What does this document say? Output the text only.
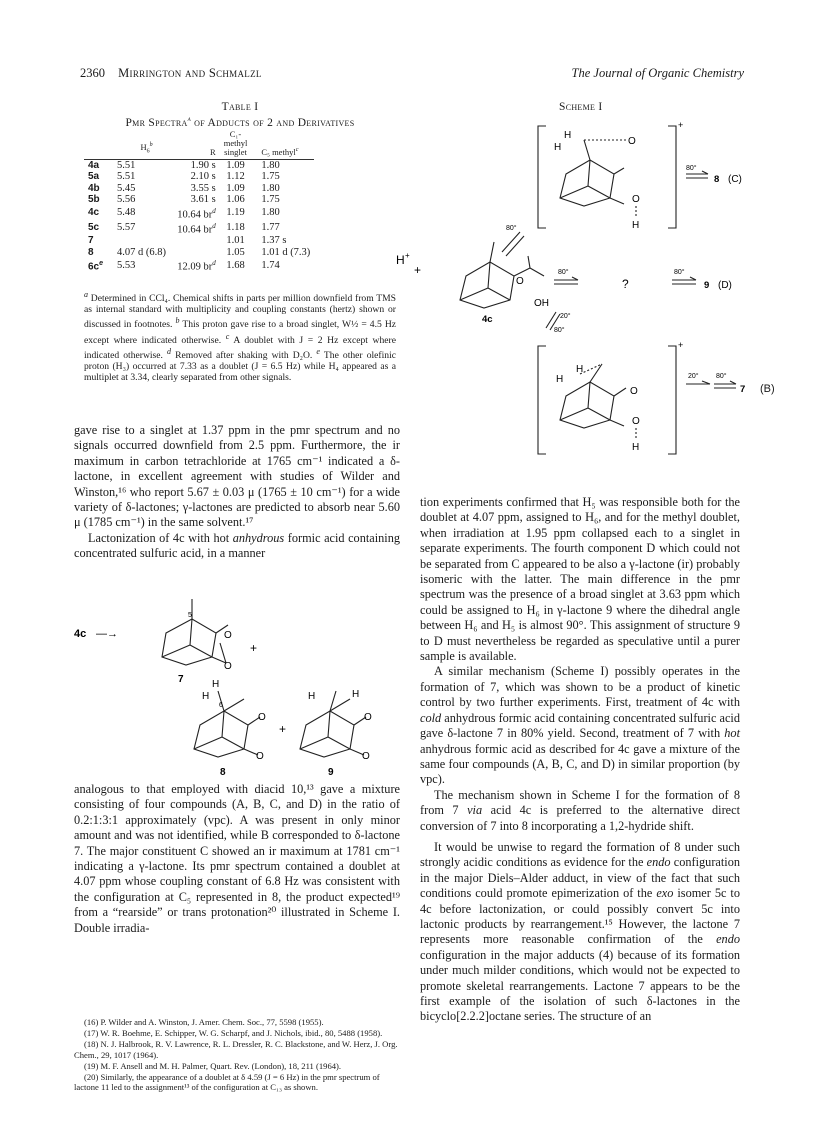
2360 Mirrington and Schmalzl	The Journal of Organic Chemistry
Table I
Pmr Spectra$^a$ of Adducts of 2 and Derivatives
	$H_6^b$	R	C₁-
methyl
singlet	C₅ methyl$^c$
4a	5.51	1.90 s	1.09	1.80
5a	5.51	2.10 s	1.12	1.75
4b	5.45	3.55 s	1.09	1.80
5b	5.56	3.61 s	1.06	1.75
4c	5.48	10.64 $br^d$	1.19	1.80
5c	5.57	10.64 $br^d$	1.18	1.77
7			1.01	1.37 s
8	4.07 d (6.8)		1.05	1.01 d (7.3)
$6c^e$	5.53	12.09 $br^d$	1.68	1.74
$^a$ Determined in CCl₄. Chemical shifts in parts per million downfield from TMS as internal standard with multiplicity and coupling constants (hertz) shown or discussed in footnotes. $^b$ This proton gave rise to a broad singlet, W½ = 4.5 Hz except where indicated otherwise. $^c$ A doublet with J = 2 Hz except where indicated otherwise. $^d$ Removed after shaking with D₂O. $^e$ The other olefinic proton (H₃) occurred at 7.33 as a doublet (J = 6.5 Hz) while H₄ appeared as a multiplet at 3.34, clearly separated from other signals.

gave rise to a singlet at 1.37 ppm in the pmr spectrum and no signals occurred downfield from 2.5 ppm. Furthermore, the ir maximum in carbon tetrachloride at 1765 cm⁻¹ indicated a δ-lactone, in excellent agreement with studies of Wilder and Winston,¹⁶ who report 5.67 ± 0.03 μ (1765 ± 10 cm⁻¹) for a wide variety of δ-lactones; γ-lactones are predicted to absorb near 5.60 μ (1785 cm⁻¹) in the same solvent.¹⁷

Lactonization of 4c with hot anhydrous formic acid containing concentrated sulfuric acid, in a manner

4c —→	O
O
5
+
7	H
H
6
O
O
+
8
H	H
O
O
9

analogous to that employed with diacid 10,¹³ gave a mixture consisting of four compounds (A, B, C, and D) in the ratio of 0.2:1:3:1 approximately (vpc). A was present in only minor amount and was not identified, while B corresponded to δ-lactone 7. The major constituent C showed an ir maximum at 1781 cm⁻¹ indicating a γ-lactone. Its pmr spectrum contained a doublet at 4.07 ppm whose coupling constant of 6.8 Hz was consistent with the configuration at C₅ represented in 8, the product expected¹⁹ from a “rearside” or trans protonation²⁰ illustrated in Scheme I. Double irradia-

(16) P. Wilder and A. Winston, J. Amer. Chem. Soc., 77, 5598 (1955).

(17) W. R. Boehme, E. Schipper, W. G. Scharpf, and J. Nichols, ibid., 80, 5488 (1958).

(18) N. J. Halbrook, R. V. Lawrence, R. L. Dressler, R. C. Blackstone, and W. Herz, J. Org. Chem., 29, 1017 (1964).

(19) M. F. Ansell and M. H. Palmer, Quart. Rev. (London), 18, 211 (1964).

(20) Similarly, the appearance of a doublet at δ 4.59 (J = 6 Hz) in the pmr spectrum of lactone 11 led to the assignment¹³ of the configuration at C₁₃ as shown.

Scheme I
+
H
H
O
O
H
80°
8 (C)
80°
H +
+
O
OH
4c
80°
?
80°
9 (D)
20°
80°
+
H
H
O
O
H
20° 80°
7 (B)

tion experiments confirmed that H₅ was responsible both for the doublet at 4.07 ppm, assigned to H₆, and for the methyl doublet, when irradiation at 1.95 ppm collapsed each to a singlet in separate experiments. The fourth component D which could not be separated from C appeared to be also a γ-lactone (ir) probably isomeric with the latter. The main difference in the pmr spectrum was the presence of a broad singlet at 3.63 ppm which could be assigned to H₆ in γ-lactone 9 where the dihedral angle between H₆ and H₅ is almost 90°. This assignment of structure 9 to D must nevertheless be regarded as speculative until a purer sample is available.

A similar mechanism (Scheme I) possibly operates in the formation of 7, which was shown to be a product of kinetic control by two further experiments. First, treatment of 4c with cold anhydrous formic acid containing concentrated sulfuric acid gave δ-lactone 7 in 80% yield. Second, treatment of 7 with hot anhydrous formic acid as described for 4c gave a mixture of the same four compounds (A, B, C, and D) in similar proportion (by vpc).

The mechanism shown in Scheme I for the formation of 8 from 7 via acid 4c is preferred to the alternative direct conversion of 7 into 8 incorporating a 1,2-hydride shift.

It would be unwise to regard the formation of 8 under such strongly acidic conditions as evidence for the endo configuration in the major Diels–Alder adduct, in view of the fact that such conditions could promote epimerization of the exo isomer 5c to 4c before lactonization, or could possibly convert 5c into lactonic products by rearrangement.¹⁵ However, the lactone 7 represents more reasonable confirmation of the endo configuration in the major adducts (4) because of its formation under much milder conditions, which would not be expected to promote skeletal rearrangements. Lactone 7 appears to be the first example of the isolation of such δ-lactones in the bicyclo[2.2.2]octane series. The structure of an
